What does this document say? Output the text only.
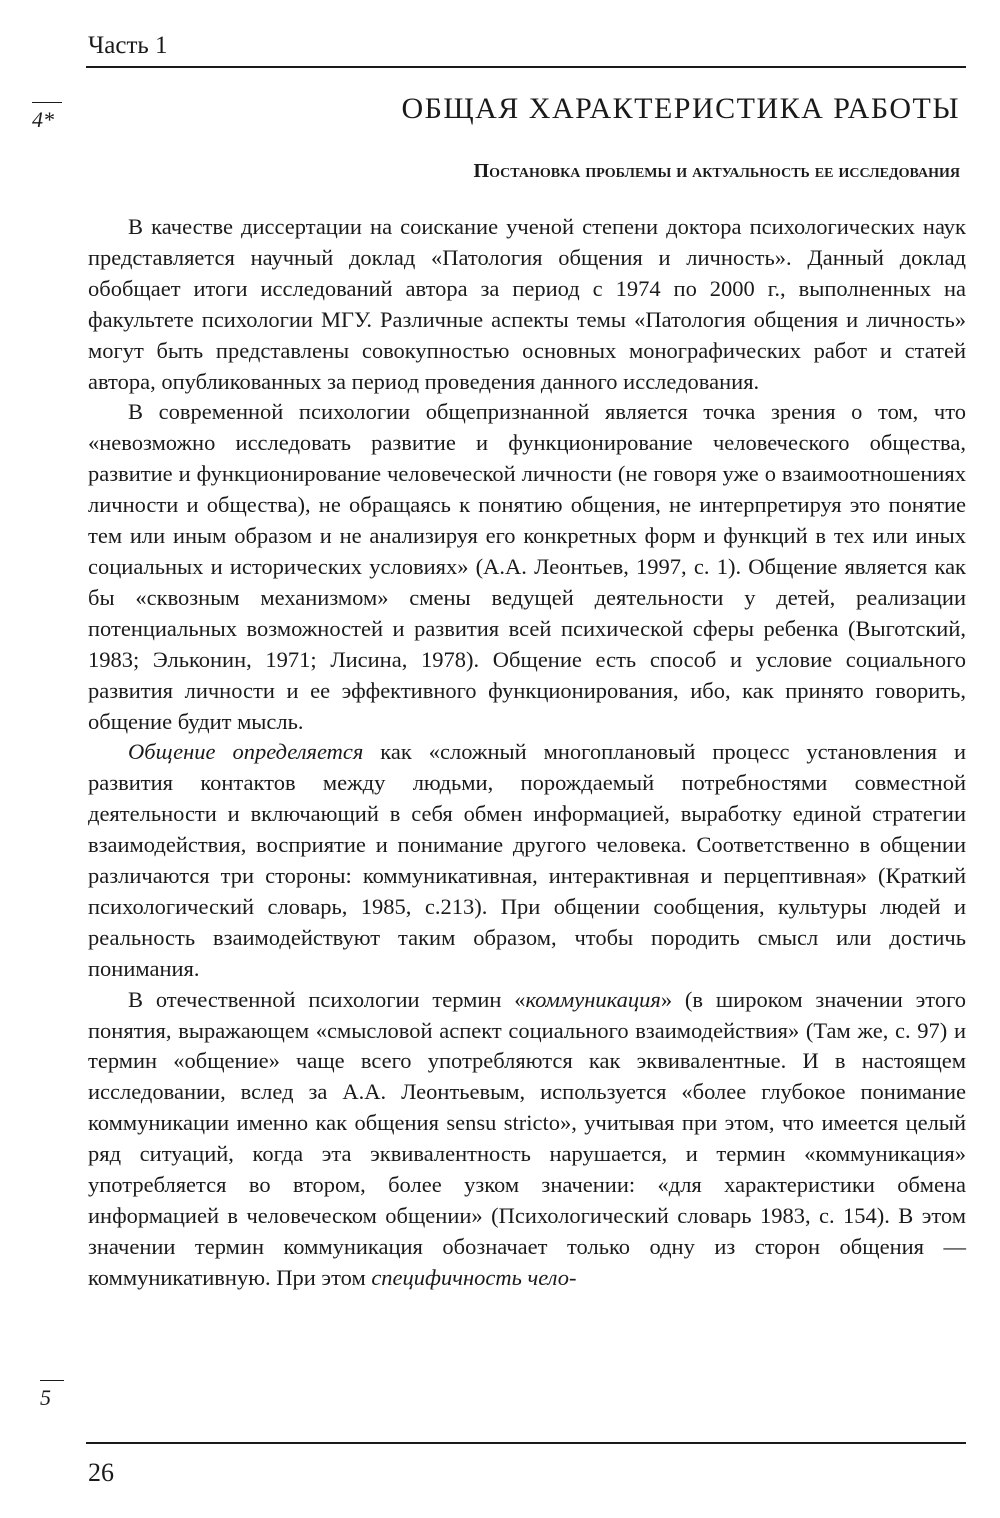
Часть 1
4*	ОБЩАЯ ХАРАКТЕРИСТИКА РАБОТЫ
Постановка проблемы и актуальность ее исследования

В качестве диссертации на соискание ученой степени доктора психологических наук представляется научный доклад «Патология общения и личность». Данный доклад обобщает итоги исследований автора за период с 1974 по 2000 г., выполненных на факультете психологии МГУ. Различные аспекты темы «Патология общения и личность» могут быть представлены совокупностью основных монографических работ и статей автора, опубликованных за период проведения данного исследования.

В современной психологии общепризнанной является точка зрения о том, что «невозможно исследовать развитие и функционирование человеческого общества, развитие и функционирование человеческой личности (не говоря уже о взаимоотношениях личности и общества), не обращаясь к понятию общения, не интерпретируя это понятие тем или иным образом и не анализируя его конкретных форм и функций в тех или иных социальных и исторических условиях» (А.А. Леонтьев, 1997, с. 1). Общение является как бы «сквозным механизмом» смены ведущей деятельности у детей, реализации потенциальных возможностей и развития всей психической сферы ребенка (Выготский, 1983; Эльконин, 1971; Лисина, 1978). Общение есть способ и условие социального развития личности и ее эффективного функционирования, ибо, как принято говорить, общение будит мысль.

Общение определяется как «сложный многоплановый процесс установления и развития контактов между людьми, порождаемый потребностями совместной деятельности и включающий в себя обмен информацией, выработку единой стратегии взаимодействия, восприятие и понимание другого человека. Соответственно в общении различаются три стороны: коммуникативная, интерактивная и перцептивная» (Краткий психологический словарь, 1985, с.213). При общении сообщения, культуры людей и реальность взаимодействуют таким образом, чтобы породить смысл или достичь понимания.

В отечественной психологии термин «коммуникация» (в широком значении этого понятия, выражающем «смысловой аспект социального взаимодействия» (Там же, с. 97) и термин «общение» чаще всего употребляются как эквивалентные. И в настоящем исследовании, вслед за А.А. Леонтьевым, используется «более глубокое понимание коммуникации именно как общения sensu stricto», учитывая при этом, что имеется целый ряд ситуаций, когда эта эквивалентность нарушается, и термин «коммуникация» употребляется во втором, более узком значении: «для характеристики обмена информацией в человеческом общении» (Психологический словарь 1983, с. 154). В этом значении термин коммуникация обозначает только одну из сторон общения — коммуникативную. При этом специфичность чело-

5
26
